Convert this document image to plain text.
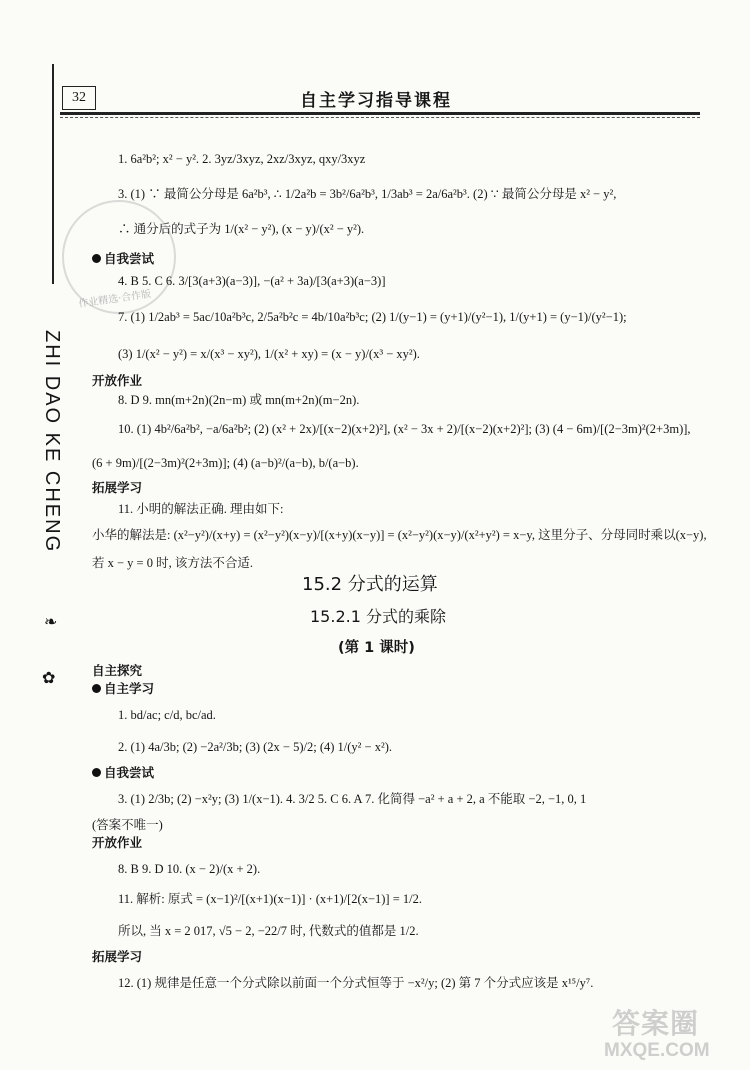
32	自主学习指导课程
作业精选·合作版
ZHI DAO KE CHENG
❧
✿
1. 6a²b²; x² − y². 2. 3yz/3xyz, 2xz/3xyz, qxy/3xyz
3. (1) ∵ 最简公分母是 6a²b³, ∴ 1/2a²b = 3b²/6a²b³, 1/3ab³ = 2a/6a²b³. (2) ∵ 最简公分母是 x² − y²,
∴ 通分后的式子为 1/(x² − y²), (x − y)/(x² − y²).
自我尝试
4. B 5. C 6. 3/[3(a+3)(a−3)], −(a² + 3a)/[3(a+3)(a−3)]
7. (1) 1/2ab³ = 5ac/10a²b³c, 2/5a²b²c = 4b/10a²b³c; (2) 1/(y−1) = (y+1)/(y²−1), 1/(y+1) = (y−1)/(y²−1);
(3) 1/(x² − y²) = x/(x³ − xy²), 1/(x² + xy) = (x − y)/(x³ − xy²).
开放作业
8. D 9. mn(m+2n)(2n−m) 或 mn(m+2n)(m−2n).
10. (1) 4b²/6a²b², −a/6a²b²; (2) (x² + 2x)/[(x−2)(x+2)²], (x² − 3x + 2)/[(x−2)(x+2)²]; (3) (4 − 6m)/[(2−3m)²(2+3m)],
(6 + 9m)/[(2−3m)²(2+3m)]; (4) (a−b)²/(a−b), b/(a−b).
拓展学习
11. 小明的解法正确. 理由如下:
小华的解法是: (x²−y²)/(x+y) = (x²−y²)(x−y)/[(x+y)(x−y)] = (x²−y²)(x−y)/(x²+y²) = x−y, 这里分子、分母同时乘以(x−y),
若 x − y = 0 时, 该方法不合适.
15.2 分式的运算
15.2.1 分式的乘除
(第 1 课时)
自主探究
自主学习
1. bd/ac; c/d, bc/ad.
2. (1) 4a/3b; (2) −2a²/3b; (3) (2x − 5)/2; (4) 1/(y² − x²).
自我尝试
3. (1) 2/3b; (2) −x²y; (3) 1/(x−1). 4. 3/2 5. C 6. A 7. 化简得 −a² + a + 2, a 不能取 −2, −1, 0, 1
(答案不唯一)
开放作业
8. B 9. D 10. (x − 2)/(x + 2).
11. 解析: 原式 = (x−1)²/[(x+1)(x−1)] · (x+1)/[2(x−1)] = 1/2.
所以, 当 x = 2 017, √5 − 2, −22/7 时, 代数式的值都是 1/2.
拓展学习
12. (1) 规律是任意一个分式除以前面一个分式恒等于 −x²/y; (2) 第 7 个分式应该是 x¹⁵/y⁷.
答案圈
MXQE.COM
